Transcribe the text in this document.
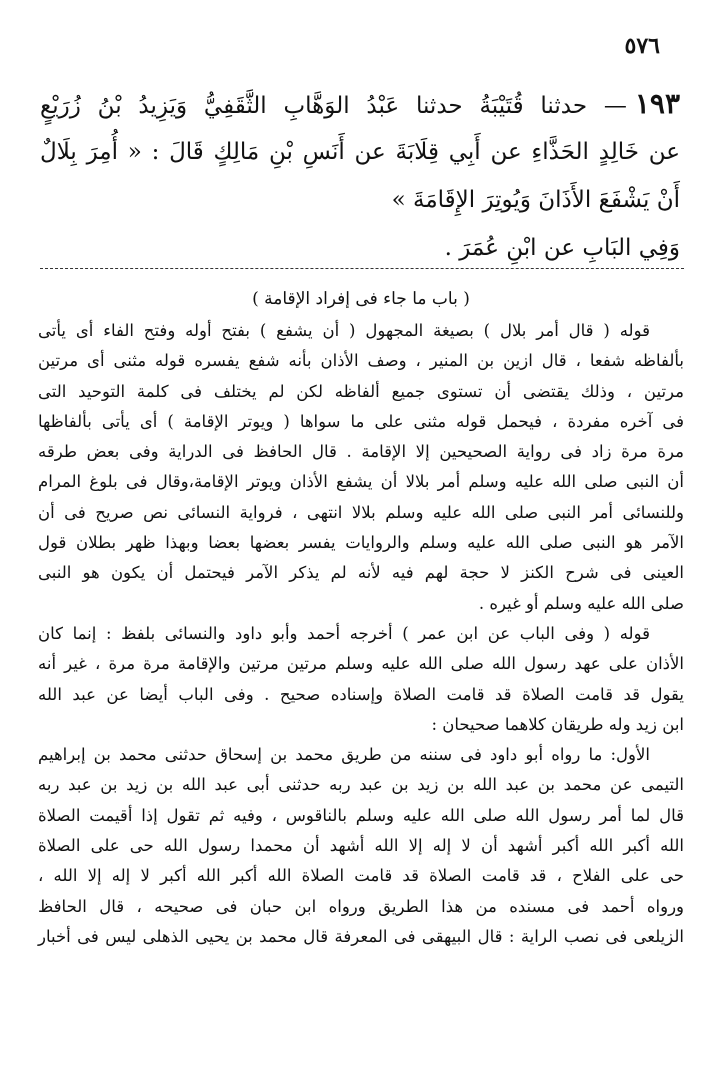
٥٧٦
١٩٣— حدثنا قُتَيْبَةُ حدثنا عَبْدُ الوَهَّابِ الثَّقَفِيُّ وَيَزِيدُ بْنُ زُرَيْعٍ
عن خَالِدٍ الحَذَّاءِ عن أَبِي قِلَابَةَ عن أَنَسِ بْنِ مَالِكٍ قَالَ : « أُمِرَ بِلَالٌ
أَنْ يَشْفَعَ الأَذَانَ وَيُوتِرَ الإِقَامَةَ »
وَفِي البَابِ عن ابْنِ عُمَرَ .
( باب ما جاء فى إفراد الإقامة )
قوله ( قال أمر بلال ) بصيغة المجهول ( أن يشفع ) بفتح أوله وفتح الفاء أى يأتى
بألفاظه شفعا ، قال ازين بن المنير ، وصف الأذان بأنه شفع يفسره قوله مثنى أى مرتين
مرتين ، وذلك يقتضى أن تستوى جميع ألفاظه لكن لم يختلف فى كلمة التوحيد التى
فى آخره مفردة ، فيحمل قوله مثنى على ما سواها ( ويوتر الإقامة ) أى يأتى بألفاظها
مرة مرة زاد فى رواية الصحيحين إلا الإقامة . قال الحافظ فى الدراية وفى بعض طرقه
أن النبى صلى الله عليه وسلم أمر بلالا أن يشفع الأذان ويوتر الإقامة،وقال فى بلوغ المرام
وللنسائى أمر النبى صلى الله عليه وسلم بلالا انتهى ، فرواية النسائى نص صريح فى أن
الآمر هو النبى صلى الله عليه وسلم والروايات يفسر بعضها بعضا وبهذا ظهر بطلان قول
العينى فى شرح الكنز لا حجة لهم فيه لأنه لم يذكر الآمر فيحتمل أن يكون هو النبى
صلى الله عليه وسلم أو غيره .
قوله ( وفى الباب عن ابن عمر ) أخرجه أحمد وأبو داود والنسائى بلفظ : إنما كان
الأذان على عهد رسول الله صلى الله عليه وسلم مرتين مرتين والإقامة مرة مرة ، غير أنه
يقول قد قامت الصلاة قد قامت الصلاة وإسناده صحيح . وفى الباب أيضا عن عبد الله
ابن زيد وله طريقان كلاهما صحيحان :
الأول: ما رواه أبو داود فى سننه من طريق محمد بن إسحاق حدثنى محمد بن إبراهيم
التيمى عن محمد بن عبد الله بن زيد بن عبد ربه حدثنى أبى عبد الله بن زيد بن عبد ربه
قال لما أمر رسول الله صلى الله عليه وسلم بالناقوس ، وفيه ثم تقول إذا أقيمت الصلاة
الله أكبر الله أكبر أشهد أن لا إله إلا الله أشهد أن محمدا رسول الله حى على الصلاة
حى على الفلاح ، قد قامت الصلاة قد قامت الصلاة الله أكبر الله أكبر لا إله إلا الله ،
ورواه أحمد فى مسنده من هذا الطريق ورواه ابن حبان فى صحيحه ، قال الحافظ
الزيلعى فى نصب الراية : قال البيهقى فى المعرفة قال محمد بن يحيى الذهلى ليس فى أخبار
